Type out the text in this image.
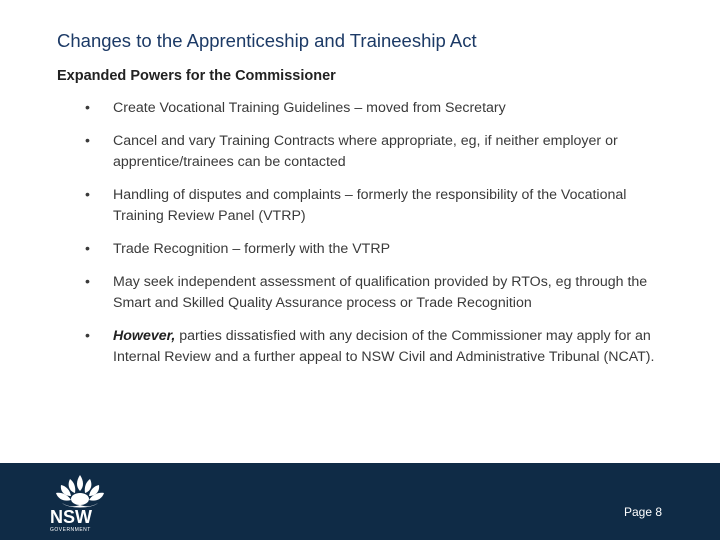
Changes to the Apprenticeship and Traineeship Act
Expanded Powers for the Commissioner
• Create Vocational Training Guidelines – moved from Secretary
• Cancel and vary Training Contracts where appropriate, eg, if neither employer or apprentice/trainees can be contacted
• Handling of disputes and complaints – formerly the responsibility of the Vocational Training Review Panel (VTRP)
• Trade Recognition – formerly with the VTRP
• May seek independent assessment of qualification provided by RTOs, eg through the Smart and Skilled Quality Assurance process or Trade Recognition
• However, parties dissatisfied with any decision of the Commissioner may apply for an Internal Review and a further appeal to NSW Civil and Administrative Tribunal (NCAT).
NSW
GOVERNMENT
Page 8
